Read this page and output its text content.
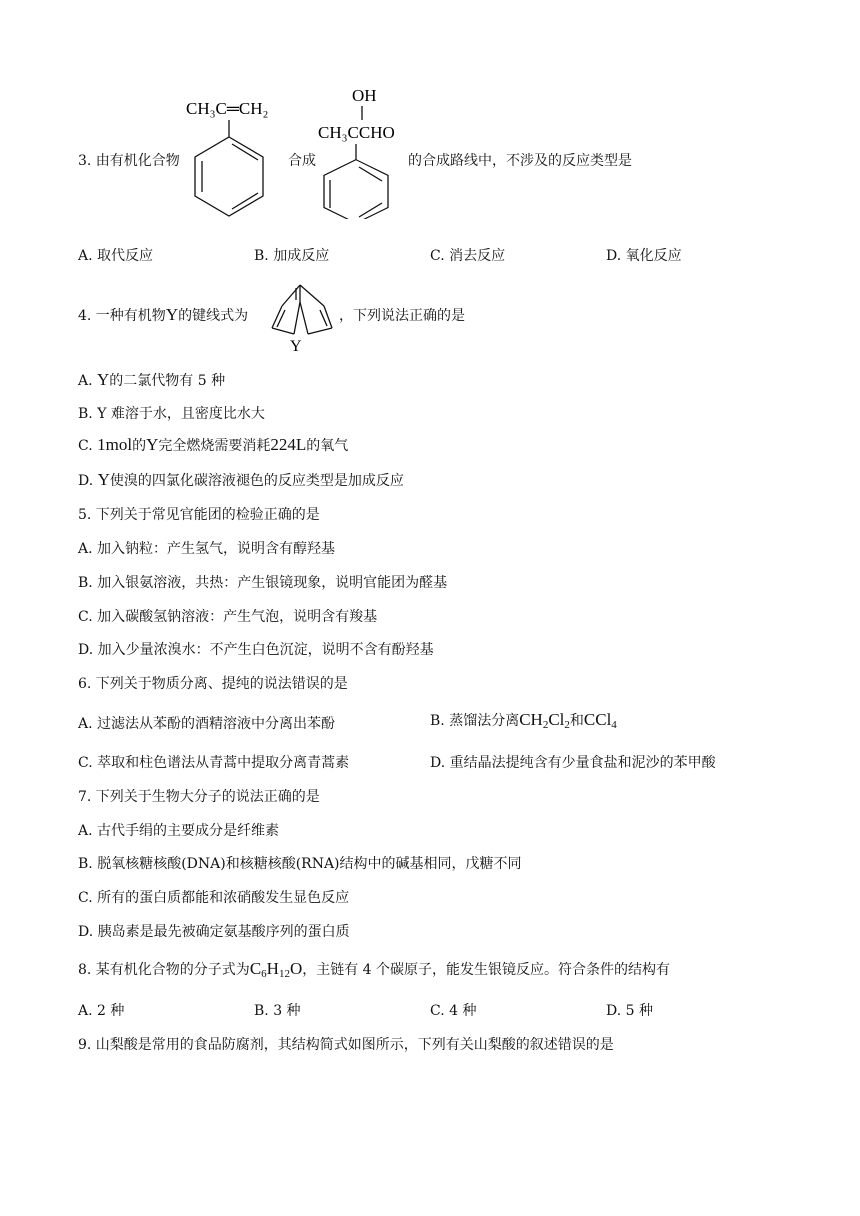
CH₃C═CH₂
3. 由有机化合物	合成
OH
CH₃CCHO
的合成路线中，不涉及的反应类型是
A. 取代反应	B. 加成反应	C. 消去反应	D. 氧化反应
4. 一种有机物Y的键线式为
Y
，下列说法正确的是
A. Y的二氯代物有 5 种
B. Y 难溶于水，且密度比水大
C. 1mol的Y完全燃烧需要消耗224L的氧气
D. Y使溴的四氯化碳溶液褪色的反应类型是加成反应
5. 下列关于常见官能团的检验正确的是
A. 加入钠粒：产生氢气，说明含有醇羟基
B. 加入银氨溶液，共热：产生银镜现象，说明官能团为醛基
C. 加入碳酸氢钠溶液：产生气泡，说明含有羧基
D. 加入少量浓溴水：不产生白色沉淀，说明不含有酚羟基
6. 下列关于物质分离、提纯的说法错误的是
A. 过滤法从苯酚的酒精溶液中分离出苯酚	B. 蒸馏法分离$CH_2Cl_2$和CCl$_4$
C. 萃取和柱色谱法从青蒿中提取分离青蒿素	D. 重结晶法提纯含有少量食盐和泥沙的苯甲酸
7. 下列关于生物大分子的说法正确的是
A. 古代手绢的主要成分是纤维素
B. 脱氧核糖核酸(DNA)和核糖核酸(RNA)结构中的碱基相同，戊糖不同
C. 所有的蛋白质都能和浓硝酸发生显色反应
D. 胰岛素是最先被确定氨基酸序列的蛋白质
8. 某有机化合物的分子式为$C_6H_{12}O$，主链有 4 个碳原子，能发生银镜反应。符合条件的结构有
A. 2 种	B. 3 种	C. 4 种	D. 5 种
9. 山梨酸是常用的食品防腐剂，其结构简式如图所示，下列有关山梨酸的叙述错误的是
